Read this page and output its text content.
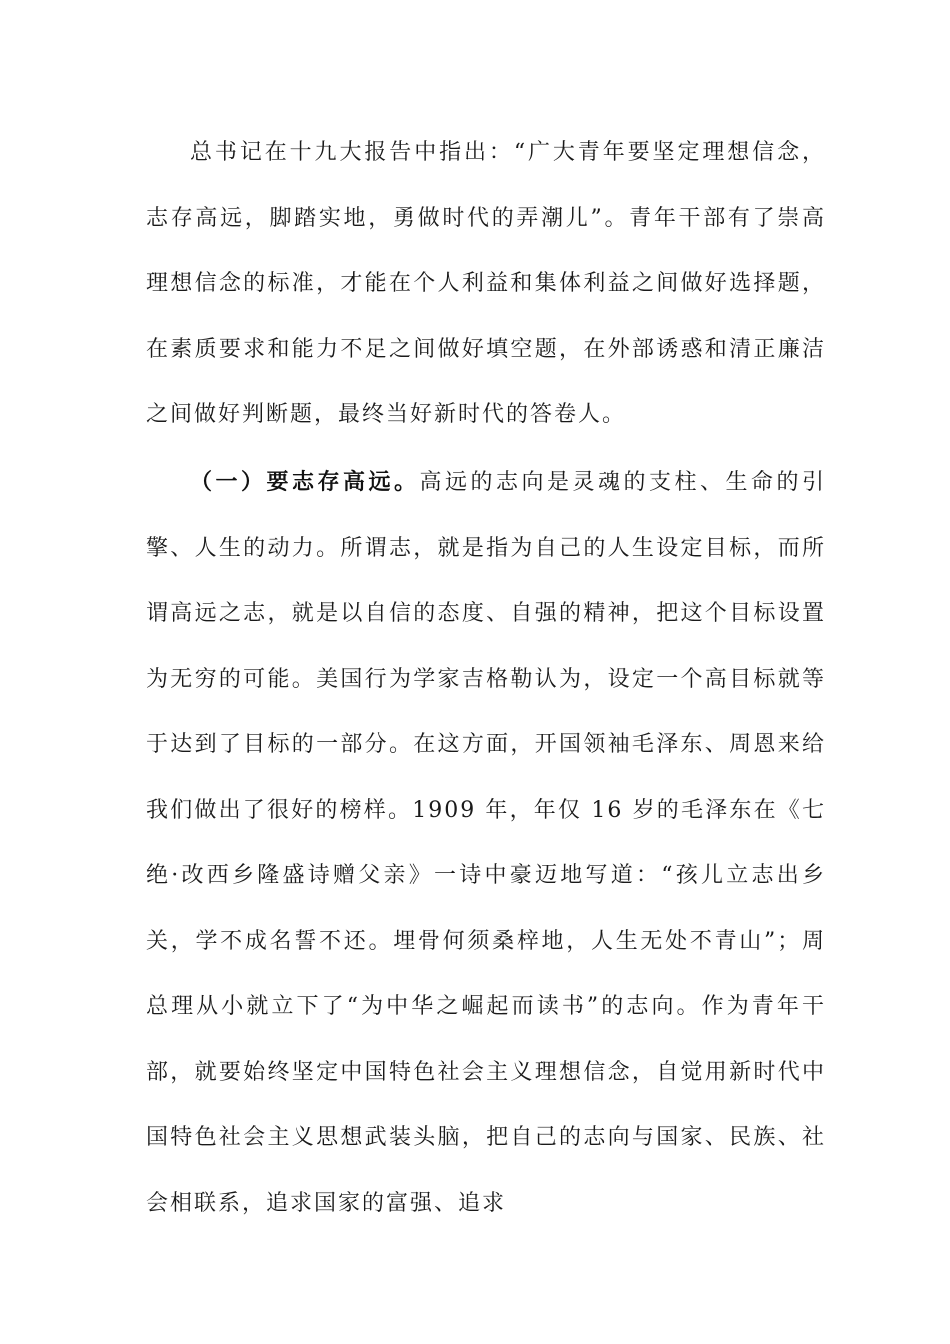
总书记在十九大报告中指出：“广大青年要坚定理想信念，志存高远，脚踏实地，勇做时代的弄潮儿”。青年干部有了崇高理想信念的标准，才能在个人利益和集体利益之间做好选择题，在素质要求和能力不足之间做好填空题，在外部诱惑和清正廉洁之间做好判断题，最终当好新时代的答卷人。

（一）要志存高远。高远的志向是灵魂的支柱、生命的引擎、人生的动力。所谓志，就是指为自己的人生设定目标，而所谓高远之志，就是以自信的态度、自强的精神，把这个目标设置为无穷的可能。美国行为学家吉格勒认为，设定一个高目标就等于达到了目标的一部分。在这方面，开国领袖毛泽东、周恩来给我们做出了很好的榜样。1909 年，年仅 16 岁的毛泽东在《七绝·改西乡隆盛诗赠父亲》一诗中豪迈地写道：“孩儿立志出乡关，学不成名誓不还。埋骨何须桑梓地，人生无处不青山”；周总理从小就立下了“为中华之崛起而读书”的志向。作为青年干部，就要始终坚定中国特色社会主义理想信念，自觉用新时代中国特色社会主义思想武装头脑，把自己的志向与国家、民族、社会相联系，追求国家的富强、追求
